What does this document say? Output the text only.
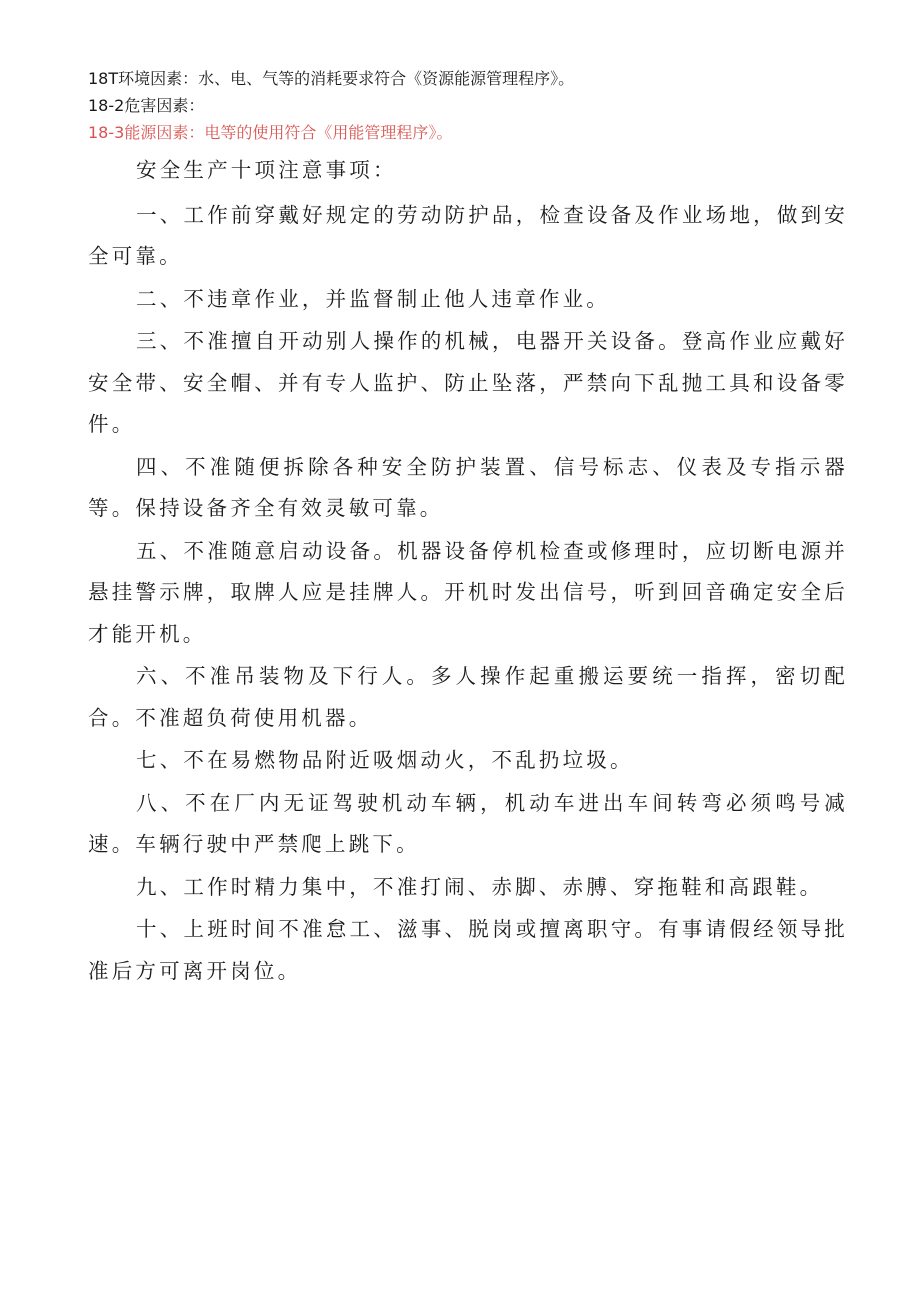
18T环境因素：水、电、气等的消耗要求符合《资源能源管理程序》。
18-2危害因素：
18-3能源因素：电等的使用符合《用能管理程序》。

安全生产十项注意事项：

一、工作前穿戴好规定的劳动防护品，检查设备及作业场地，做到安全可靠。

二、不违章作业，并监督制止他人违章作业。

三、不准擅自开动别人操作的机械，电器开关设备。登高作业应戴好安全带、安全帽、并有专人监护、防止坠落，严禁向下乱抛工具和设备零件。

四、不准随便拆除各种安全防护装置、信号标志、仪表及专指示器等。保持设备齐全有效灵敏可靠。

五、不准随意启动设备。机器设备停机检查或修理时，应切断电源并悬挂警示牌，取牌人应是挂牌人。开机时发出信号，听到回音确定安全后才能开机。

六、不准吊装物及下行人。多人操作起重搬运要统一指挥，密切配合。不准超负荷使用机器。

七、不在易燃物品附近吸烟动火，不乱扔垃圾。

八、不在厂内无证驾驶机动车辆，机动车进出车间转弯必须鸣号减速。车辆行驶中严禁爬上跳下。

九、工作时精力集中，不准打闹、赤脚、赤膊、穿拖鞋和高跟鞋。

十、上班时间不准怠工、滋事、脱岗或擅离职守。有事请假经领导批准后方可离开岗位。
